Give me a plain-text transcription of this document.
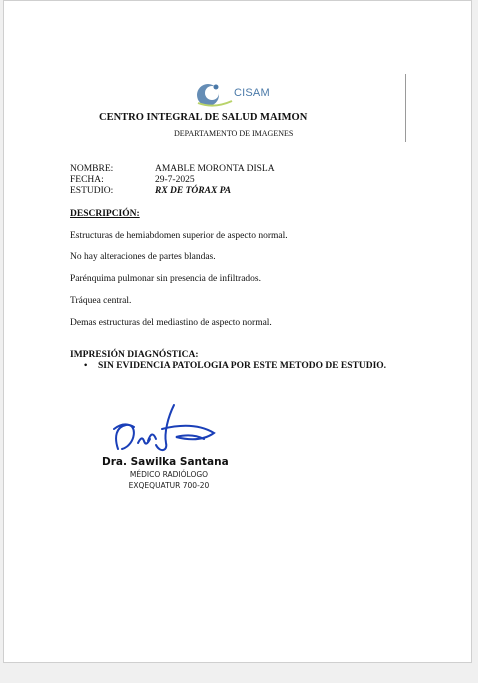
CISAM
CENTRO INTEGRAL DE SALUD MAIMON
DEPARTAMENTO DE IMAGENES
NOMBRE:	AMABLE MORONTA DISLA
FECHA:	29-7-2025
ESTUDIO:	RX DE TÓRAX PA
DESCRIPCIÓN:
Estructuras de hemiabdomen superior de aspecto normal.
No hay alteraciones de partes blandas.
Parénquima pulmonar sin presencia de infiltrados.
Tráquea central.
Demas estructuras del mediastino de aspecto normal.
IMPRESIÓN DIAGNÓSTICA:
• SIN EVIDENCIA PATOLOGIA POR ESTE METODO DE ESTUDIO.
Dra. Sawilka Santana
MÉDICO RADIÓLOGO
EXQEQUATUR 700-20
